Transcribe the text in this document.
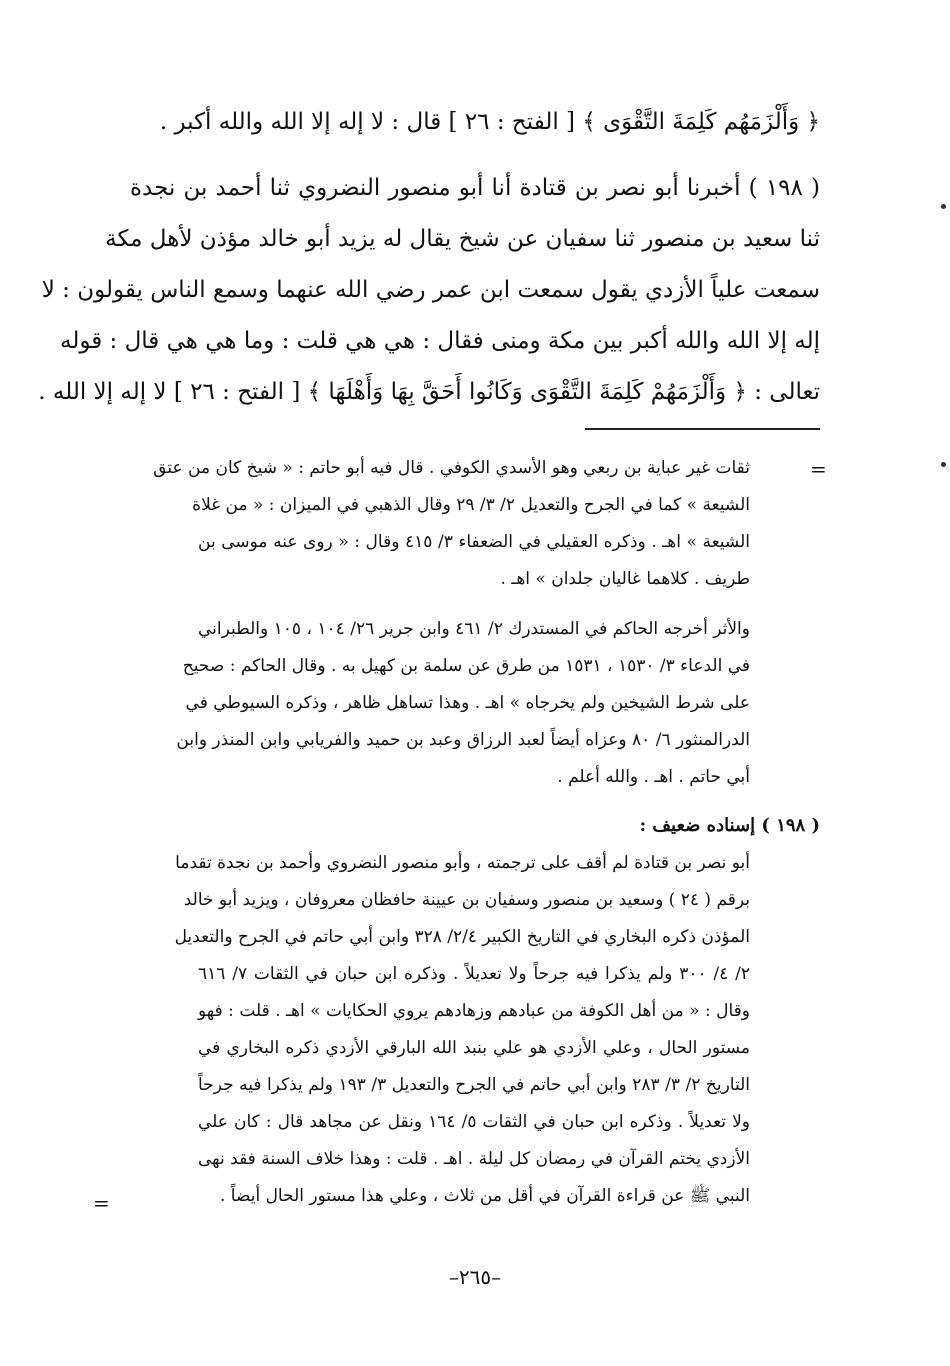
﴿ وَأَلْزَمَهُم كَلِمَةَ التَّقْوَى ﴾ [ الفتح : ٢٦ ] قال : لا إله إلا الله والله أكبر .
( ١٩٨ ) أخبرنا أبو نصر بن قتادة أنا أبو منصور النضروي ثنا أحمد بن نجدة
ثنا سعيد بن منصور ثنا سفيان عن شيخ يقال له يزيد أبو خالد مؤذن لأهل مكة
سمعت علياً الأزدي يقول سمعت ابن عمر رضي الله عنهما وسمع الناس يقولون : لا
إله إلا الله والله أكبر بين مكة ومنى فقال : هي هي قلت : وما هي هي قال : قوله
تعالى : ﴿ وَأَلْزَمَهُمْ كَلِمَةَ التَّقْوَى وَكَانُوا أَحَقَّ بِهَا وَأَهْلَهَا ﴾ [ الفتح : ٢٦ ] لا إله إلا الله .
=
ثقات غير عباية بن ربعي وهو الأسدي الكوفي . قال فيه أبو حاتم : « شيخ كان من عتق
الشيعة » كما في الجرح والتعديل ٢/ ٣/ ٢٩ وقال الذهبي في الميزان : « من غلاة
الشيعة » اهـ . وذكره العقيلي في الضعفاء ٣/ ٤١٥ وقال : « روى عنه موسى بن
طريف . كلاهما غاليان جلدان » اهـ .
والأثر أخرجه الحاكم في المستدرك ٢/ ٤٦١ وابن جرير ٢٦/ ١٠٤ ، ١٠٥ والطبراني
في الدعاء ٣/ ١٥٣٠ ، ١٥٣١ من طرق عن سلمة بن كهيل به . وقال الحاكم : صحيح
على شرط الشيخين ولم يخرجاه » اهـ . وهذا تساهل ظاهر ، وذكره السيوطي في
الدرالمنثور ٦/ ٨٠ وعزاه أيضاً لعبد الرزاق وعبد بن حميد والفريابي وابن المنذر وابن
أبي حاتم . اهـ . والله أعلم .
( ١٩٨ ) إسناده ضعيف :
أبو نصر بن قتادة لم أقف على ترجمته ، وأبو منصور النضروي وأحمد بن نجدة تقدما
برقم ( ٢٤ ) وسعيد بن منصور وسفيان بن عيينة حافظان معروفان ، ويزيد أبو خالد
المؤذن ذكره البخاري في التاريخ الكبير ٢/٤/ ٣٢٨ وابن أبي حاتم في الجرح والتعديل
٢/ ٤/ ٣٠٠ ولم يذكرا فيه جرحاً ولا تعديلاً . وذكره ابن حبان في الثقات ٧/ ٦١٦
وقال : « من أهل الكوفة من عبادهم وزهادهم يروي الحكايات » اهـ . قلت : فهو
مستور الحال ، وعلي الأزدي هو علي بنبد الله البارقي الأزدي ذكره البخاري في
التاريخ ٢/ ٣/ ٢٨٣ وابن أبي حاتم في الجرح والتعديل ٣/ ١٩٣ ولم يذكرا فيه جرحاً
ولا تعديلاً . وذكره ابن حبان في الثقات ٥/ ١٦٤ ونقل عن مجاهد قال : كان علي
الأزدي يختم القرآن في رمضان كل ليلة . اهـ . قلت : وهذا خلاف السنة فقد نهى
النبي ﷺ عن قراءة القرآن في أقل من ثلاث ، وعلي هذا مستور الحال أيضاً .
=
–٢٦٥–
